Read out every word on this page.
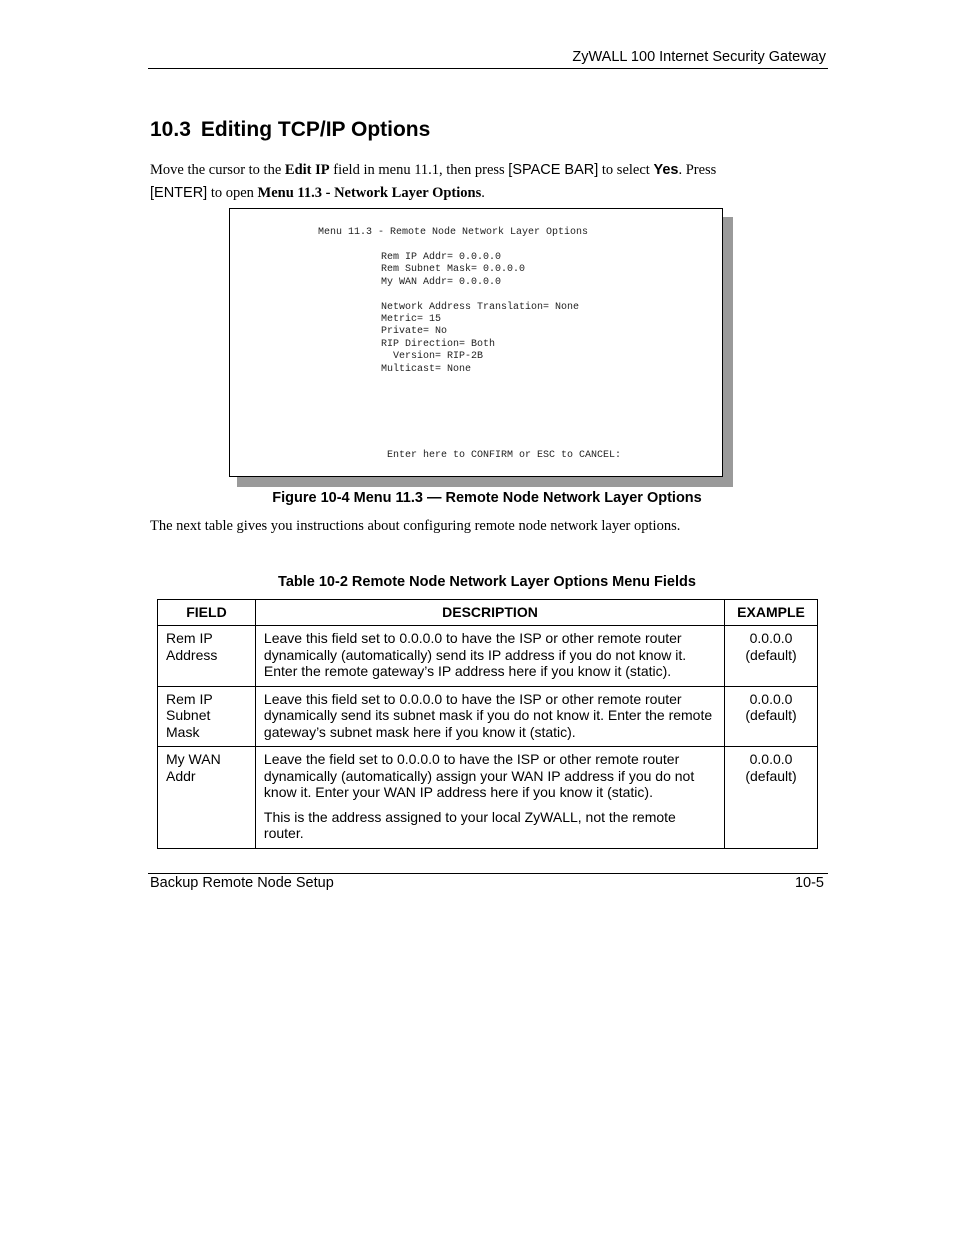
ZyWALL 100 Internet Security Gateway
10.3 Editing TCP/IP Options
Move the cursor to the Edit IP field in menu 11.1, then press [SPACE BAR] to select Yes. Press
[ENTER] to open Menu 11.3 - Network Layer Options.
Menu 11.3 - Remote Node Network Layer Options
Rem IP Addr= 0.0.0.0
Rem Subnet Mask= 0.0.0.0
My WAN Addr= 0.0.0.0
Network Address Translation= None
Metric= 15
Private= No
RIP Direction= Both
Version= RIP-2B
Multicast= None
Enter here to CONFIRM or ESC to CANCEL:
Figure 10-4 Menu 11.3 — Remote Node Network Layer Options
The next table gives you instructions about configuring remote node network layer options.
Table 10-2 Remote Node Network Layer Options Menu Fields
FIELD	DESCRIPTION	EXAMPLE
Rem IP Address	Leave this field set to 0.0.0.0 to have the ISP or other remote router dynamically (automatically) send its IP address if you do not know it. Enter the remote gateway’s IP address here if you know it (static).	0.0.0.0 (default)
Rem IP Subnet Mask	Leave this field set to 0.0.0.0 to have the ISP or other remote router dynamically send its subnet mask if you do not know it. Enter the remote gateway’s subnet mask here if you know it (static).	0.0.0.0 (default)
My WAN Addr	Leave the field set to 0.0.0.0 to have the ISP or other remote router dynamically (automatically) assign your WAN IP address if you do not know it. Enter your WAN IP address here if you know it (static).

This is the address assigned to your local ZyWALL, not the remote router.	0.0.0.0 (default)
Backup Remote Node Setup	10-5
